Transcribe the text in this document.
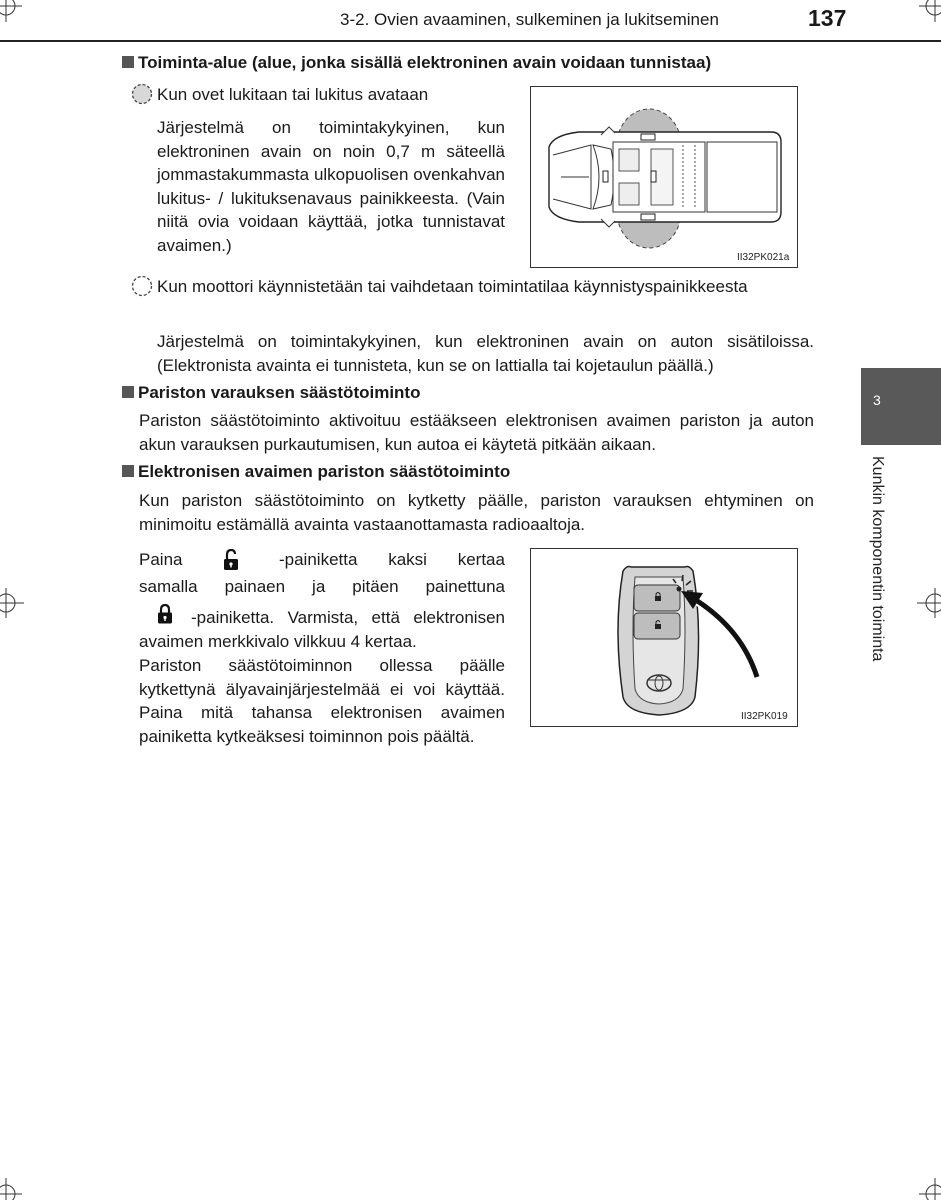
3-2. Ovien avaaminen, sulkeminen ja lukitseminen	137
3
Kunkin komponentin toiminta
Toiminta-alue (alue, jonka sisällä elektroninen avain voidaan tunnistaa)
Kun ovet lukitaan tai lukitus avataan
Järjestelmä on toimintakykyinen, kun elektroninen avain on noin 0,7 m säteellä jommastakummasta ulkopuolisen ovenkahvan lukitus- / lukituksenavaus painikkeesta. (Vain niitä ovia voidaan käyttää, jotka tunnistavat avaimen.)
II32PK021a
Kun moottori käynnistetään tai vaihdetaan toimintatilaa käynnistyspainikkeesta
Järjestelmä on toimintakykyinen, kun elektroninen avain on auton sisätiloissa. (Elektronista avainta ei tunnisteta, kun se on lattialla tai kojetaulun päällä.)
Pariston varauksen säästötoiminto
Pariston säästötoiminto aktivoituu estääkseen elektronisen avaimen pariston ja auton akun varauksen purkautumisen, kun autoa ei käytetä pitkään aikaan.
Elektronisen avaimen pariston säästötoiminto
Kun pariston säästötoiminto on kytketty päälle, pariston varauksen ehtyminen on minimoitu estämällä avainta vastaanottamasta radioaaltoja.
Paina	-painiketta kaksi kertaa
samalla painaen ja pitäen painettuna
-painiketta. Varmista, että elektronisen avaimen merkkivalo vilkkuu 4 kertaa.
Pariston säästötoiminnon ollessa päälle kytkettynä älyavainjärjestelmää ei voi käyttää. Paina mitä tahansa elektronisen avaimen painiketta kytkeäksesi toiminnon pois päältä.
II32PK019
